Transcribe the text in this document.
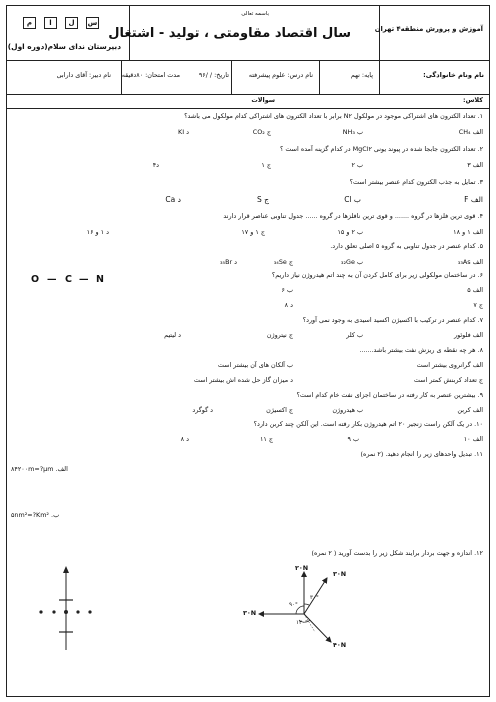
آموزش و پرورش منطقه۴ تهران
باسمه تعالی
سال اقتصاد مقاومتی ، تولید - اشتغال
م	ا	ل	س
دبیرستان ندای سلام(دوره اول)
نام ونام خانوادگی:
پایه: نهم
نام درس: علوم پیشرفته
تاریخ: / /۹۶
مدت امتحان: ۸۰دقیقه
نام دبیر: آقای دارابی
کلاس:
سوالات
۱. تعداد الکترون های اشتراکی موجود در مولکول N۲ برابر با تعداد الکترون های اشتراکی کدام مولکول می باشد؟
الف CH₄
ب NH₃
ج CO₂
د KI
۲. تعداد الکترون جابجا شده در پیوند یونی MgCl۲ در کدام گزینه آمده است ؟
الف ۳
ب ۲
ج ۱
د۴
۳. تمایل به جذب الکترون کدام عنصر بیشتر است؟
الف F
ب Cl
ج S
د Ca
۴. قوی ترین فلزها در گروه ....... و قوی ترین نافلزها در گروه ...... جدول تناوبی عناصر قرار دارند
الف ۱ و ۱۸
ب ۲ و ۱۵
ج ۱ و ۱۷
د ۱ و ۱۶
۵. کدام عنصر در جدول تناوبی به گروه ۵ اصلی تعلق دارد.
الف ₃₃As
ب ₃₂Ge
ج ₃₄Se
د ₃₅Br
۶. در ساختمان مولکولی زیر برای کامل کردن آن به چند اتم هیدروژن نیاز داریم؟
الف ۵
ب ۶
ج ۷
د ۸
O — C — N
۷. کدام عنصر در ترکیب با اکسیژن اکسید اسیدی به وجود نمی آورد؟
الف فلوئور
ب کلر
ج نیتروژن
د لیتیم
۸. هر چه نقطه ی ریزش نفت بیشتر باشد.......
الف گرانروی بیشتر است
ب آلکان های آن بیشتر است
ج تعداد کربنش کمتر است
د میزان گاز حل شده اش بیشتر است
۹. بیشترین عنصر به کار رفته در ساختمان اجزای نفت خام کدام است؟
الف کربن
ب هیدروژن
ج اکسیژن
د گوگرد
۱۰. در یک آلکن راست زنجیر ۲۰ اتم هیدروژن بکار رفته است. این آلکن چند کربن دارد؟
الف ۱۰
ب ۹
ج ۱۱
د ۸
۱۱. تبدیل واحدهای زیر را انجام دهید. (۲ نمره)
الف. ۸۴۲۰۰m=?μm
ب. ۵nm²=?Km²
۱۲. اندازه و جهت بردار برایند شکل زیر را بدست آورید ( ۲ نمره)
۲۰N
۳۰N
۳۰N
۴۰N
۹۰°
۳۰°
۱۲۰°
